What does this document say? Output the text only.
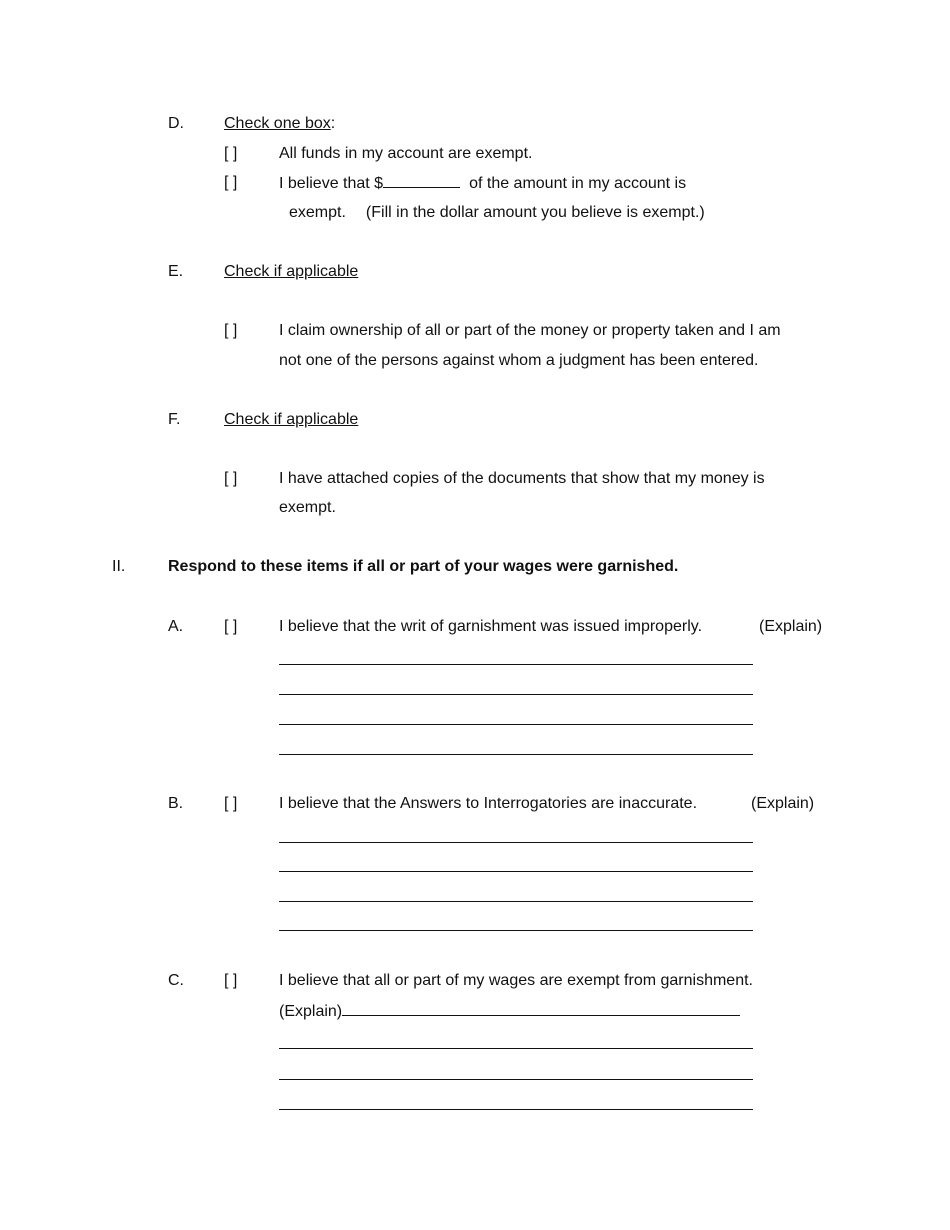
D.	Check one box:
[ ]	All funds in my account are exempt.
[ ]	I believe that $	of the amount in my account is
exempt. (Fill in the dollar amount you believe is exempt.)
E.	Check if applicable
[ ]	I claim ownership of all or part of the money or property taken and I am
not one of the persons against whom a judgment has been entered.
F.	Check if applicable
[ ]	I have attached copies of the documents that show that my money is
exempt.
II.	Respond to these items if all or part of your wages were garnished.
A.	[ ]	I believe that the writ of garnishment was issued improperly.	(Explain)
B.	[ ]	I believe that the Answers to Interrogatories are inaccurate.	(Explain)
C.	[ ]	I believe that all or part of my wages are exempt from garnishment.
(Explain)
